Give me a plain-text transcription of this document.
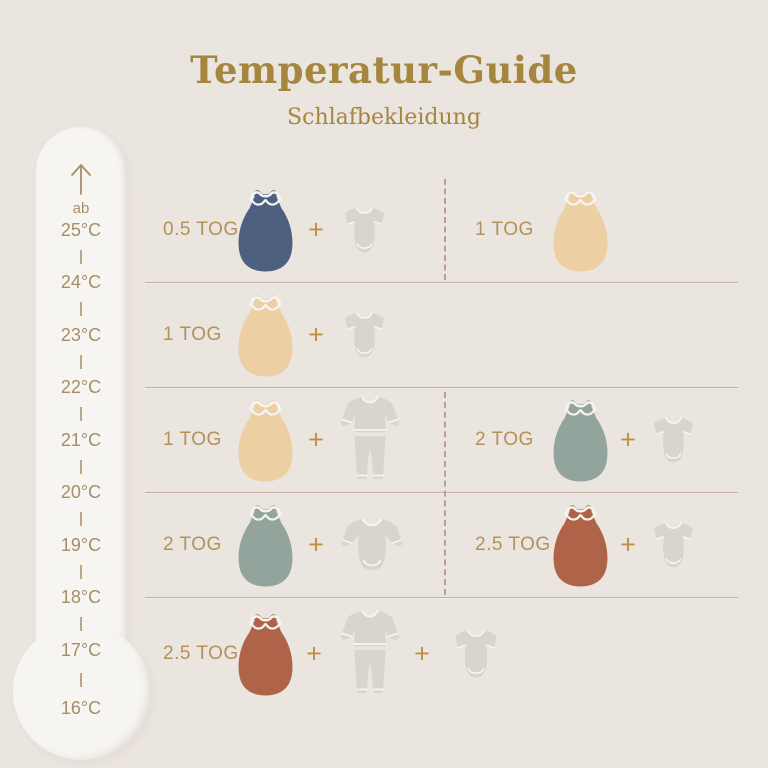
Temperatur-Guide
Schlafbekleidung
ab
25°C
24°C
23°C
22°C
21°C
20°C
19°C
18°C
17°C
16°C
0.5 TOG	+	1 TOG
1 TOG	+
1 TOG	+	2 TOG	+
2 TOG	+	2.5 TOG	+
2.5 TOG +	+
